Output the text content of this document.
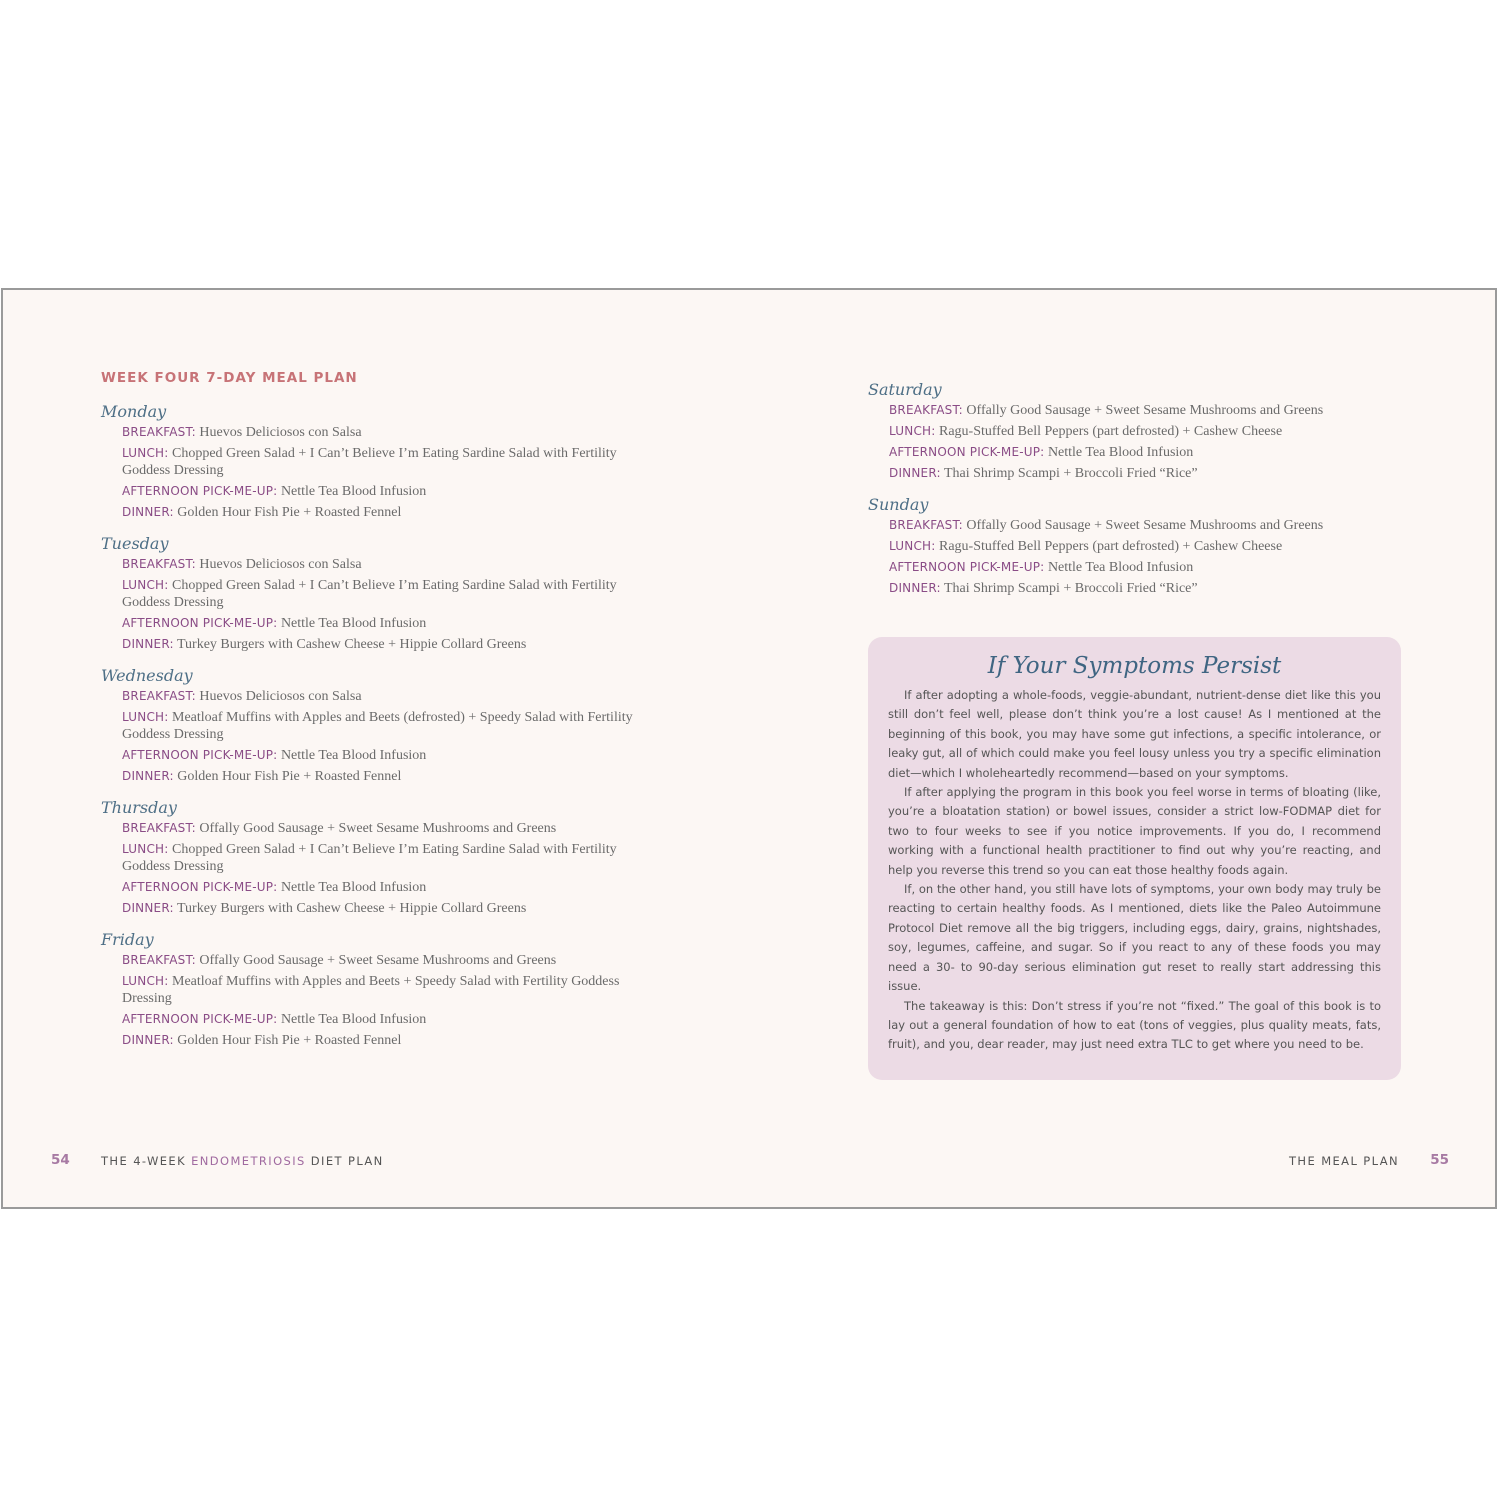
WEEK FOUR 7-DAY MEAL PLAN
Monday

BREAKFAST: Huevos Deliciosos con Salsa

LUNCH: Chopped Green Salad + I Can’t Believe I’m Eating Sardine Salad with Fertility Goddess Dressing

AFTERNOON PICK-ME-UP: Nettle Tea Blood Infusion

DINNER: Golden Hour Fish Pie + Roasted Fennel

Tuesday

BREAKFAST: Huevos Deliciosos con Salsa

LUNCH: Chopped Green Salad + I Can’t Believe I’m Eating Sardine Salad with Fertility Goddess Dressing

AFTERNOON PICK-ME-UP: Nettle Tea Blood Infusion

DINNER: Turkey Burgers with Cashew Cheese + Hippie Collard Greens

Wednesday

BREAKFAST: Huevos Deliciosos con Salsa

LUNCH: Meatloaf Muffins with Apples and Beets (defrosted) + Speedy Salad with Fertility Goddess Dressing

AFTERNOON PICK-ME-UP: Nettle Tea Blood Infusion

DINNER: Golden Hour Fish Pie + Roasted Fennel

Thursday

BREAKFAST: Offally Good Sausage + Sweet Sesame Mushrooms and Greens

LUNCH: Chopped Green Salad + I Can’t Believe I’m Eating Sardine Salad with Fertility Goddess Dressing

AFTERNOON PICK-ME-UP: Nettle Tea Blood Infusion

DINNER: Turkey Burgers with Cashew Cheese + Hippie Collard Greens

Friday

BREAKFAST: Offally Good Sausage + Sweet Sesame Mushrooms and Greens

LUNCH: Meatloaf Muffins with Apples and Beets + Speedy Salad with Fertility Goddess Dressing

AFTERNOON PICK-ME-UP: Nettle Tea Blood Infusion

DINNER: Golden Hour Fish Pie + Roasted Fennel

Saturday

BREAKFAST: Offally Good Sausage + Sweet Sesame Mushrooms and Greens

LUNCH: Ragu-Stuffed Bell Peppers (part defrosted) + Cashew Cheese

AFTERNOON PICK-ME-UP: Nettle Tea Blood Infusion

DINNER: Thai Shrimp Scampi + Broccoli Fried “Rice”

Sunday

BREAKFAST: Offally Good Sausage + Sweet Sesame Mushrooms and Greens

LUNCH: Ragu-Stuffed Bell Peppers (part defrosted) + Cashew Cheese

AFTERNOON PICK-ME-UP: Nettle Tea Blood Infusion

DINNER: Thai Shrimp Scampi + Broccoli Fried “Rice”

If Your Symptoms Persist

If after adopting a whole-foods, veggie-abundant, nutrient-dense diet like this you still don’t feel well, please don’t think you’re a lost cause! As I mentioned at the beginning of this book, you may have some gut infections, a specific intolerance, or leaky gut, all of which could make you feel lousy unless you try a specific elimination diet—which I wholeheartedly recommend—based on your symptoms.

If after applying the program in this book you feel worse in terms of bloating (like, you’re a bloatation station) or bowel issues, consider a strict low-FODMAP diet for two to four weeks to see if you notice improvements. If you do, I recommend working with a functional health practitioner to find out why you’re reacting, and help you reverse this trend so you can eat those healthy foods again.

If, on the other hand, you still have lots of symptoms, your own body may truly be reacting to certain healthy foods. As I mentioned, diets like the Paleo Autoimmune Protocol Diet remove all the big triggers, including eggs, dairy, grains, nightshades, soy, legumes, caffeine, and sugar. So if you react to any of these foods you may need a 30- to 90-day serious elimination gut reset to really start addressing this issue.

The takeaway is this: Don’t stress if you’re not “fixed.” The goal of this book is to lay out a general foundation of how to eat (tons of veggies, plus quality meats, fats, fruit), and you, dear reader, may just need extra TLC to get where you need to be.

54	THE 4-WEEK ENDOMETRIOSIS DIET PLAN	THE MEAL PLAN 55
